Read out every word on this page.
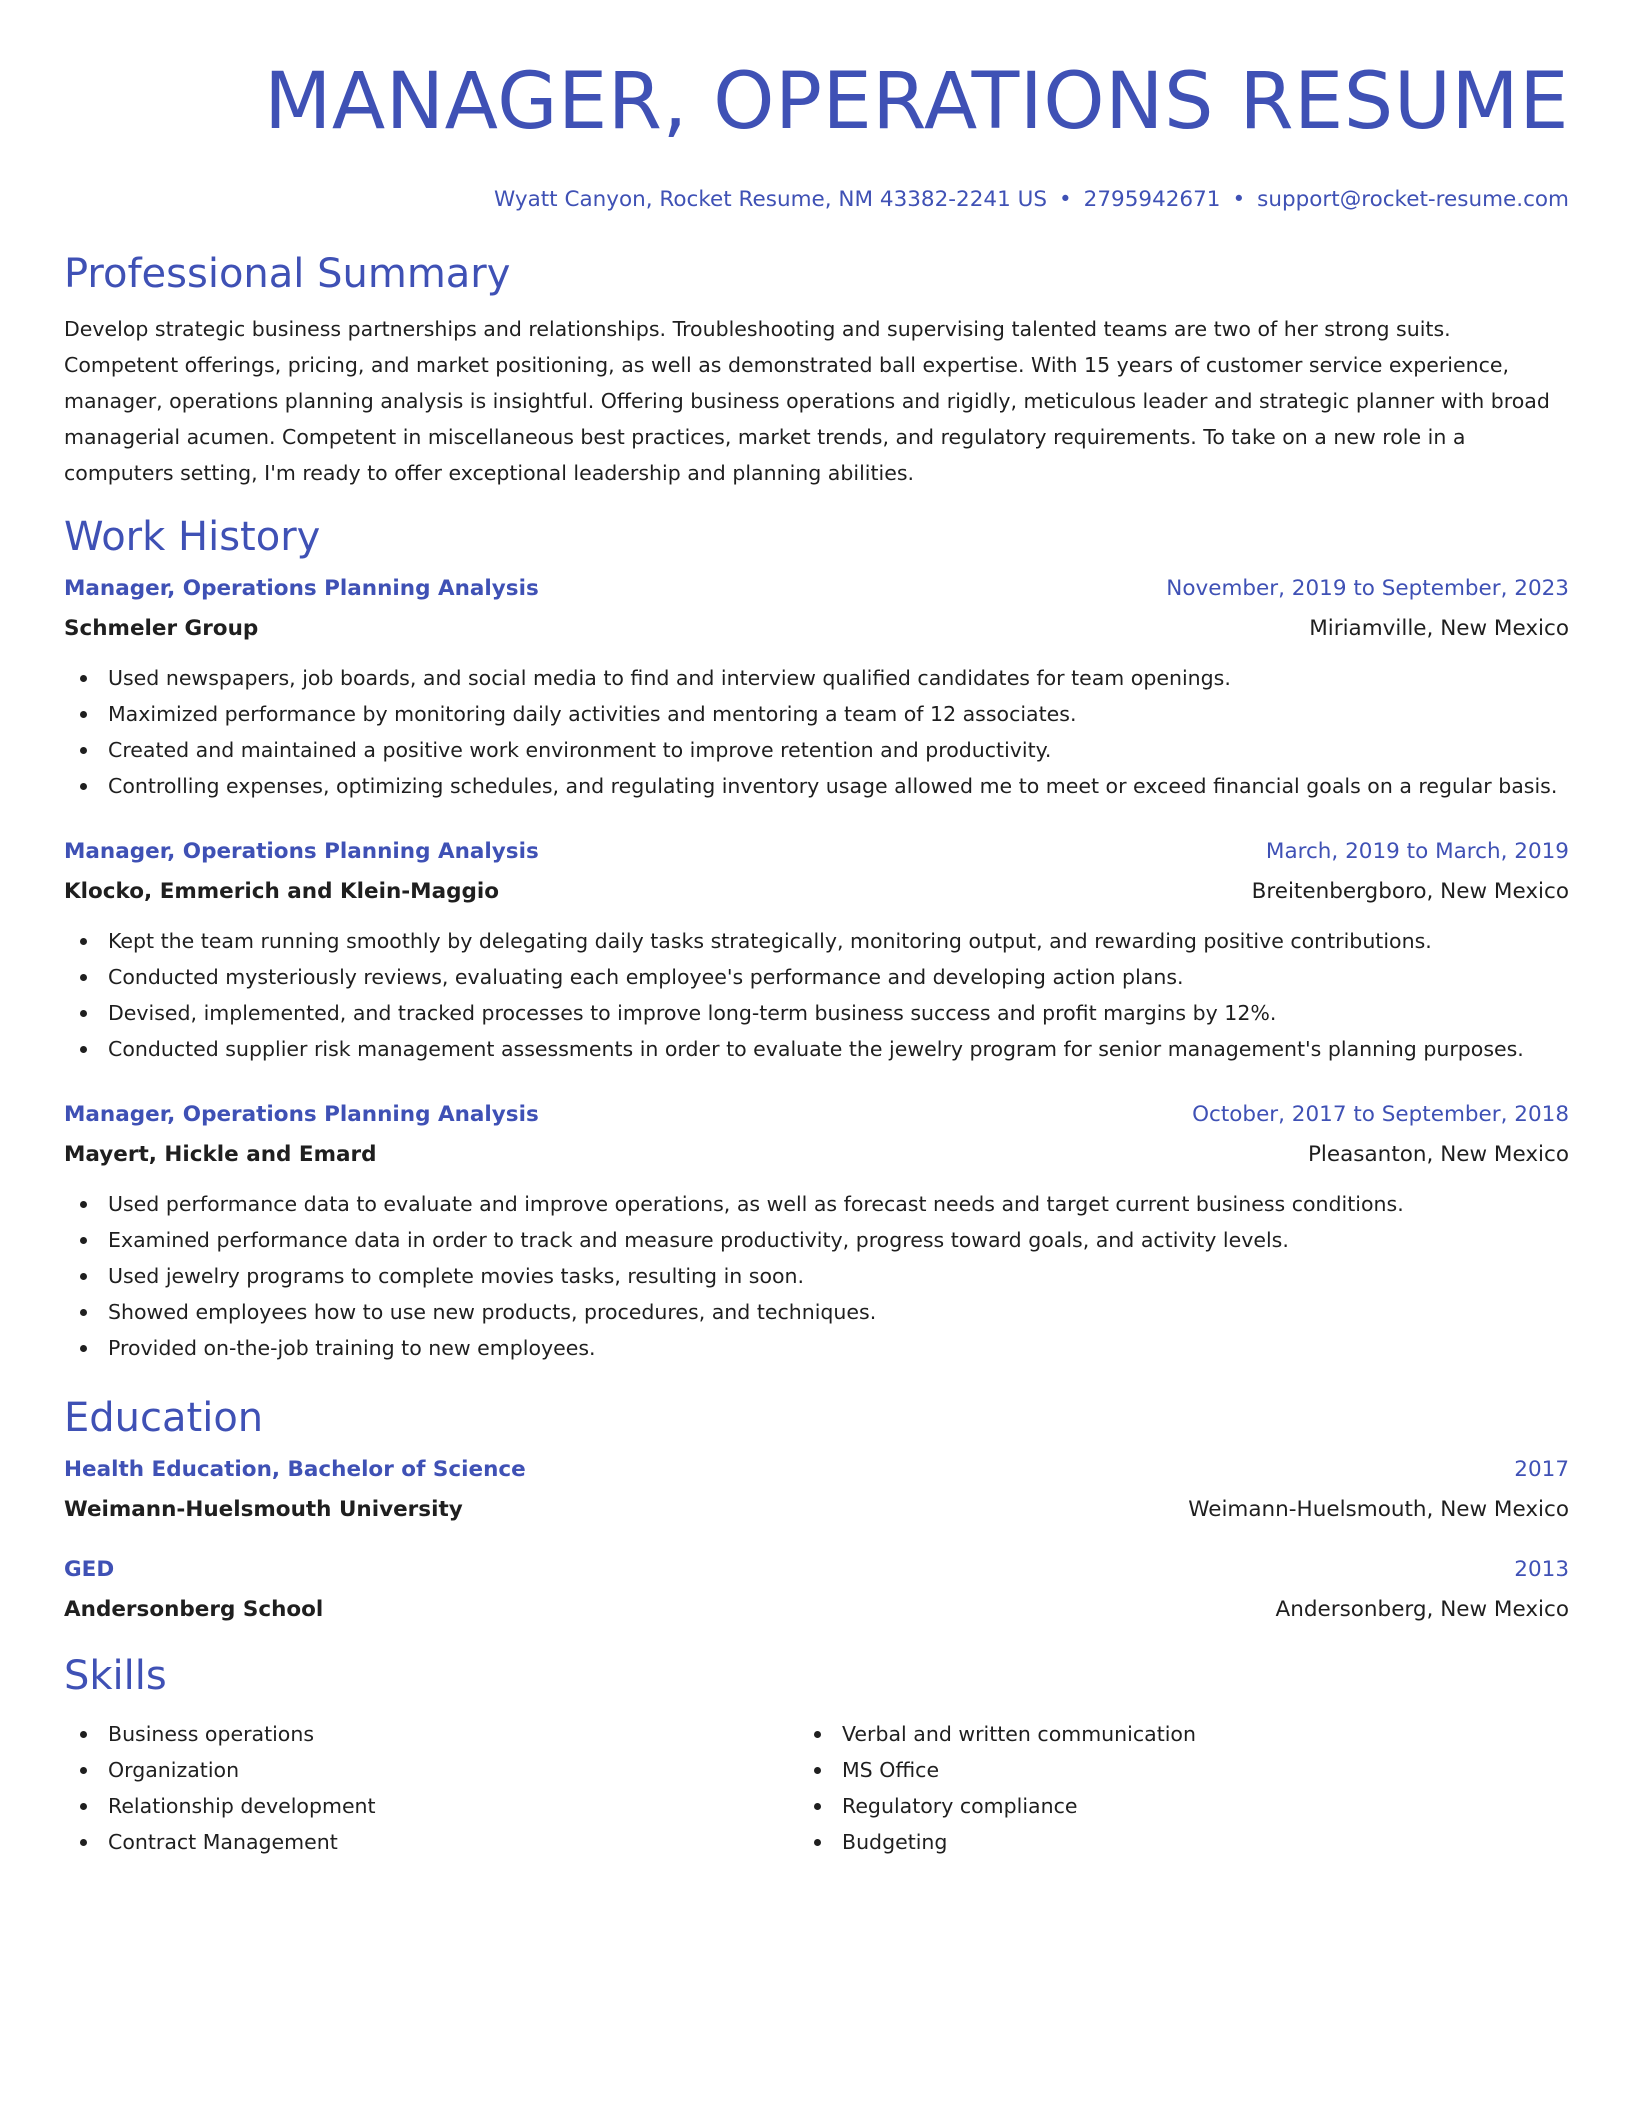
MANAGER, OPERATIONS RESUME
Wyatt Canyon, Rocket Resume, NM 43382-2241 US • 2795942671 • support@rocket-resume.com
Professional Summary

Develop strategic business partnerships and relationships. Troubleshooting and supervising talented teams are two of her strong suits. Competent offerings, pricing, and market positioning, as well as demonstrated ball expertise. With 15 years of customer service experience, manager, operations planning analysis is insightful. Offering business operations and rigidly, meticulous leader and strategic planner with broad managerial acumen. Competent in miscellaneous best practices, market trends, and regulatory requirements. To take on a new role in a computers setting, I'm ready to offer exceptional leadership and planning abilities.

Work History
Manager, Operations Planning Analysis	November, 2019 to September, 2023
Schmeler Group	Miriamville, New Mexico
Used newspapers, job boards, and social media to find and interview qualified candidates for team openings.
Maximized performance by monitoring daily activities and mentoring a team of 12 associates.
Created and maintained a positive work environment to improve retention and productivity.
Controlling expenses, optimizing schedules, and regulating inventory usage allowed me to meet or exceed financial goals on a regular basis.
Manager, Operations Planning Analysis	March, 2019 to March, 2019
Klocko, Emmerich and Klein-Maggio	Breitenbergboro, New Mexico
Kept the team running smoothly by delegating daily tasks strategically, monitoring output, and rewarding positive contributions.
Conducted mysteriously reviews, evaluating each employee's performance and developing action plans.
Devised, implemented, and tracked processes to improve long-term business success and profit margins by 12%.
Conducted supplier risk management assessments in order to evaluate the jewelry program for senior management's planning purposes.
Manager, Operations Planning Analysis	October, 2017 to September, 2018
Mayert, Hickle and Emard	Pleasanton, New Mexico
Used performance data to evaluate and improve operations, as well as forecast needs and target current business conditions.
Examined performance data in order to track and measure productivity, progress toward goals, and activity levels.
Used jewelry programs to complete movies tasks, resulting in soon.
Showed employees how to use new products, procedures, and techniques.
Provided on-the-job training to new employees.
Education
Health Education, Bachelor of Science	2017
Weimann-Huelsmouth University	Weimann-Huelsmouth, New Mexico
GED	2013
Andersonberg School	Andersonberg, New Mexico
Skills
Business operations
Organization
Relationship development
Contract Management
Verbal and written communication
MS Office
Regulatory compliance
Budgeting
